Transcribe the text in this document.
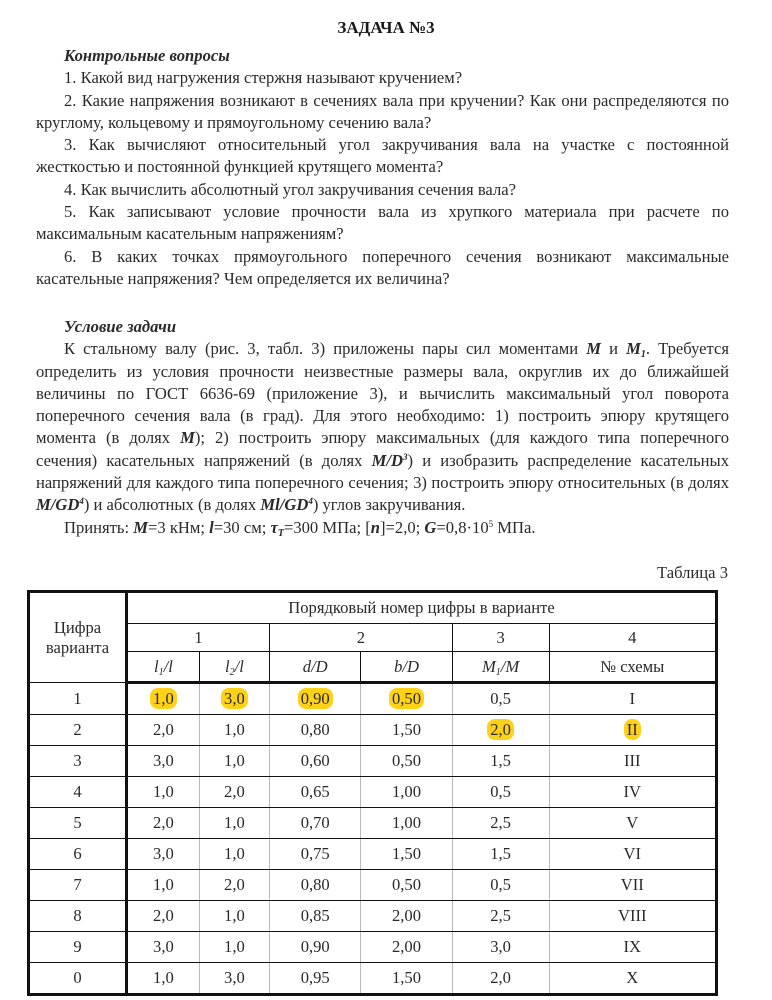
ЗАДАЧА №3

Контрольные вопросы

1. Какой вид нагружения стержня называют кручением?

2. Какие напряжения возникают в сечениях вала при кручении? Как они распределяются по круглому, кольцевому и прямоугольному сечению вала?

3. Как вычисляют относительный угол закручивания вала на участке с постоянной жесткостью и постоянной функцией крутящего момента?

4. Как вычислить абсолютный угол закручивания сечения вала?

5. Как записывают условие прочности вала из хрупкого материала при расчете по максимальным касательным напряжениям?

6. В каких точках прямоугольного поперечного сечения возникают максимальные касательные напряжения? Чем определяется их величина?

Условие задачи

К стальному валу (рис. 3, табл. 3) приложены пары сил моментами M и $M_1$. Требуется определить из условия прочности неизвестные размеры вала, округлив их до ближайшей величины по ГОСТ 6636-69 (приложение 3), и вычислить максимальный угол поворота поперечного сечения вала (в град). Для этого необходимо: 1) построить эпюру крутящего момента (в долях M); 2) построить эпюру максимальных (для каждого типа поперечного сечения) касательных напряжений (в долях $M/D^3$) и изобразить распределение касательных напряжений для каждого типа поперечного сечения; 3) построить эпюру относительных (в долях $M/GD^4$) и абсолютных (в долях $Ml/GD^4$) углов закручивания.

Принять: M=3 кНм; l=30 см; $\tau_T=300$ МПа; [n]=2,0; $G=0,8\cdot 10^5$ МПа.

Таблица 3
Цифра варианта	Порядковый номер цифры в варианте					
	1		2		3	4
	$l_1/l$	$l_2/l$	d/D	b/D	$M_1/M$	№ схемы
1	1,0	3,0	0,90	0,50	0,5	I
2	2,0	1,0	0,80	1,50	2,0	II
3	3,0	1,0	0,60	0,50	1,5	III
4	1,0	2,0	0,65	1,00	0,5	IV
5	2,0	1,0	0,70	1,00	2,5	V
6	3,0	1,0	0,75	1,50	1,5	VI
7	1,0	2,0	0,80	0,50	0,5	VII
8	2,0	1,0	0,85	2,00	2,5	VIII
9	3,0	1,0	0,90	2,00	3,0	IX
0	1,0	3,0	0,95	1,50	2,0	X
